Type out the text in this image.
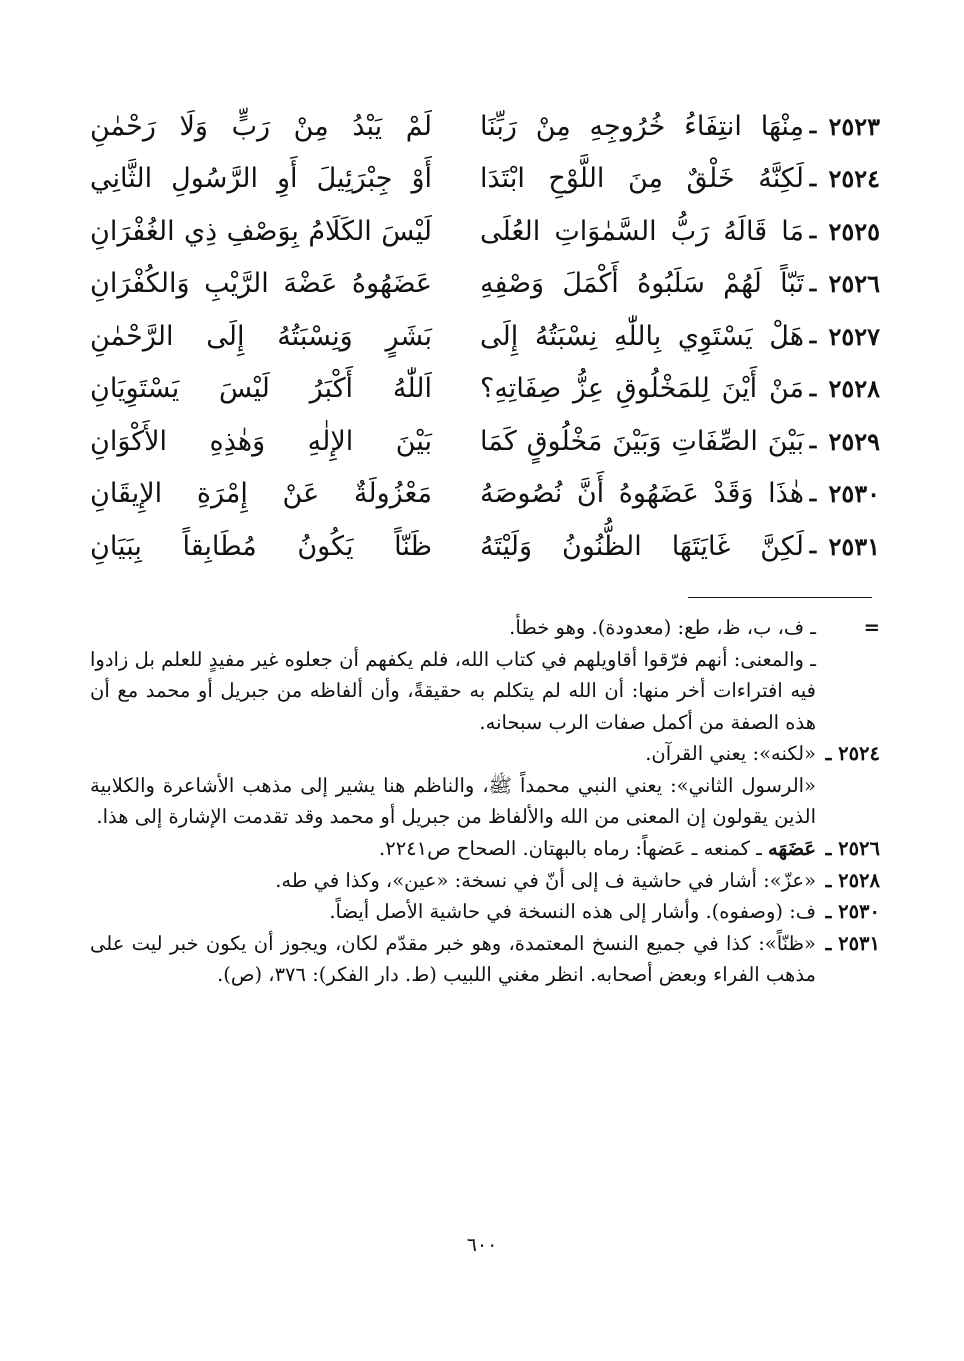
٢٥٢٣
ـ
مِنْهَا انتِفَاءُ خُرُوجِهِ مِنْ رَبِّنَا
لَمْ يَبْدُ مِنْ رَبٍّ وَلَا رَحْمٰنِ
٢٥٢٤
ـ
لَكِنَّهُ خَلْقٌ مِنَ اللَّوْحِ ابْتَدَا
أَوْ جِبْرَئِيلَ أَوِ الرَّسُولِ الثَّانِي
٢٥٢٥
ـ
مَا قَالَهُ رَبُّ السَّمٰوَاتِ العُلَى
لَيْسَ الكَلَامُ بِوَصْفِ ذِي الغُفْرَانِ
٢٥٢٦
ـ
تَبّاً لَهُمْ سَلَبُوهُ أَكْمَلَ وَصْفِهِ
عَضَهُوهُ عَضْهَ الرَّيْبِ وَالكُفْرَانِ
٢٥٢٧
ـ
هَلْ يَسْتَوِي بِاللّٰهِ نِسْبَتُهُ إِلَى
بَشَرٍ وَنِسْبَتُهُ إِلَى الرَّحْمٰنِ
٢٥٢٨
ـ
مَنْ أَيْنَ لِلمَخْلُوقِ عِزُّ صِفَاتِهِ؟
اَللّٰهُ أَكْبَرُ لَيْسَ يَسْتَوِيَانِ
٢٥٢٩
ـ
بَيْنَ الصِّفَاتِ وَبَيْنَ مَخْلُوقٍ كَمَا
بَيْنَ الإِلٰهِ وَهٰذِهِ الأَكْوَانِ
٢٥٣٠
ـ
هٰذَا وَقَدْ عَضَهُوهُ أَنَّ نُصُوصَهُ
مَعْزُولَةٌ عَنْ إِمْرَةِ الإِيقَانِ
٢٥٣١
ـ
لَكِنَّ غَايَتَهَا الظُّنُونُ وَلَيْتَهُ
ظَنّاً يَكُونُ مُطَابِقاً بِبَيَانِ
=
ـ ف، ب، ظ، طع: (معدودة). وهو خطأ.
ـ والمعنى: أنهم فرّقوا أقاويلهم في كتاب الله، فلم يكفهم أن جعلوه غير مفيدٍ للعلم بل زادوا فيه افتراءات أخر منها: أن الله لم يتكلم به حقيقةً، وأن ألفاظه من جبريل أو محمد مع أن هذه الصفة من أكمل صفات الرب سبحانه.
٢٥٢٤ ـ
«لكنه»: يعني القرآن.
«الرسول الثاني»: يعني النبي محمداً ﷺ، والناظم هنا يشير إلى مذهب الأشاعرة والكلابية الذين يقولون إن المعنى من الله والألفاظ من جبريل أو محمد وقد تقدمت الإشارة إلى هذا.
٢٥٢٦ ـ
عَضَهَه ـ كمنعه ـ عَضهاً: رماه بالبهتان. الصحاح ص٢٢٤١.
٢٥٢٨ ـ
«عزّ»: أشار في حاشية ف إلى أنّ في نسخة: «عين»، وكذا في طه.
٢٥٣٠ ـ
ف: (وصفوه). وأشار إلى هذه النسخة في حاشية الأصل أيضاً.
٢٥٣١ ـ
«ظنّاً»: كذا في جميع النسخ المعتمدة، وهو خبر مقدّم لكان، ويجوز أن يكون خبر ليت على مذهب الفراء وبعض أصحابه. انظر مغني اللبيب (ط. دار الفكر): ٣٧٦، (ص).
٦٠٠
